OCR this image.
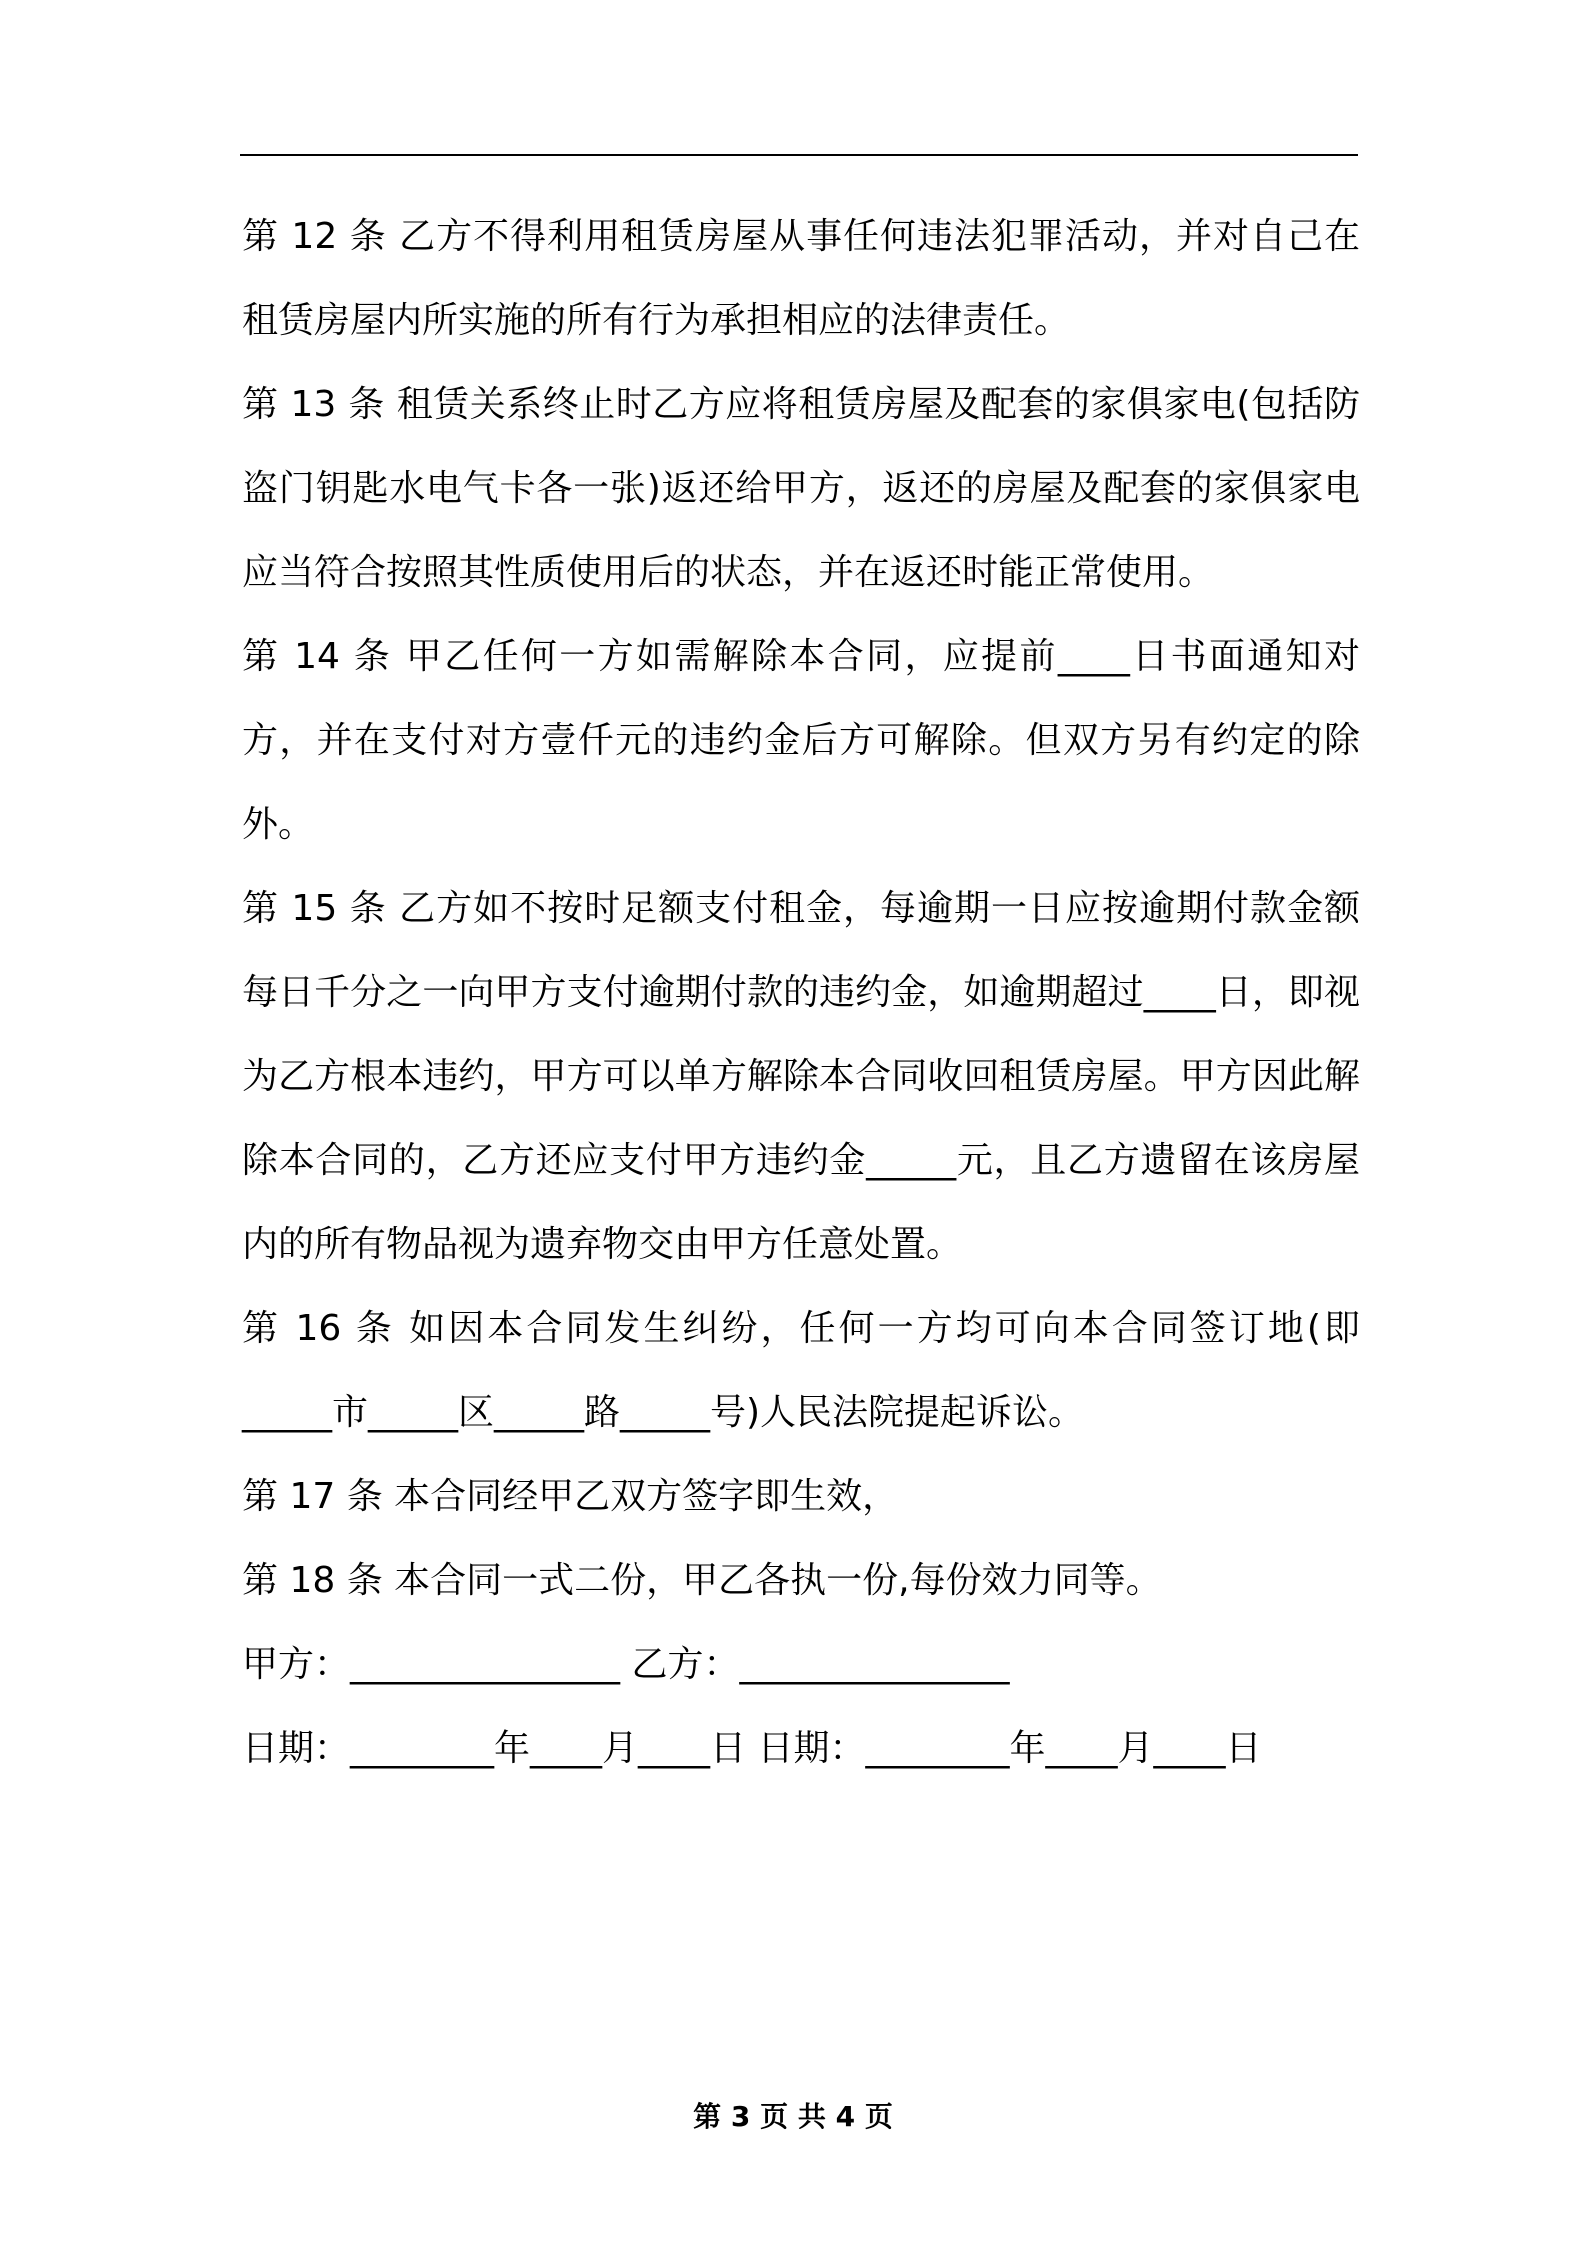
第 12 条 乙方不得利用租赁房屋从事任何违法犯罪活动，并对自己在租赁房屋内所实施的所有行为承担相应的法律责任。

第 13 条 租赁关系终止时乙方应将租赁房屋及配套的家俱家电(包括防盗门钥匙水电气卡各一张)返还给甲方，返还的房屋及配套的家俱家电应当符合按照其性质使用后的状态，并在返还时能正常使用。

第 14 条 甲乙任何一方如需解除本合同，应提前____日书面通知对方，并在支付对方壹仟元的违约金后方可解除。但双方另有约定的除外。

第 15 条 乙方如不按时足额支付租金，每逾期一日应按逾期付款金额每日千分之一向甲方支付逾期付款的违约金，如逾期超过____日，即视为乙方根本违约，甲方可以单方解除本合同收回租赁房屋。甲方因此解除本合同的，乙方还应支付甲方违约金_____元，且乙方遗留在该房屋内的所有物品视为遗弃物交由甲方任意处置。

第 16 条 如因本合同发生纠纷，任何一方均可向本合同签订地(即_____市_____区_____路_____号)人民法院提起诉讼。

第 17 条 本合同经甲乙双方签字即生效，

第 18 条 本合同一式二份，甲乙各执一份,每份效力同等。

甲方：_______________ 乙方：_______________

日期：________年____月____日 日期：________年____月____日

第 3 页 共 4 页
